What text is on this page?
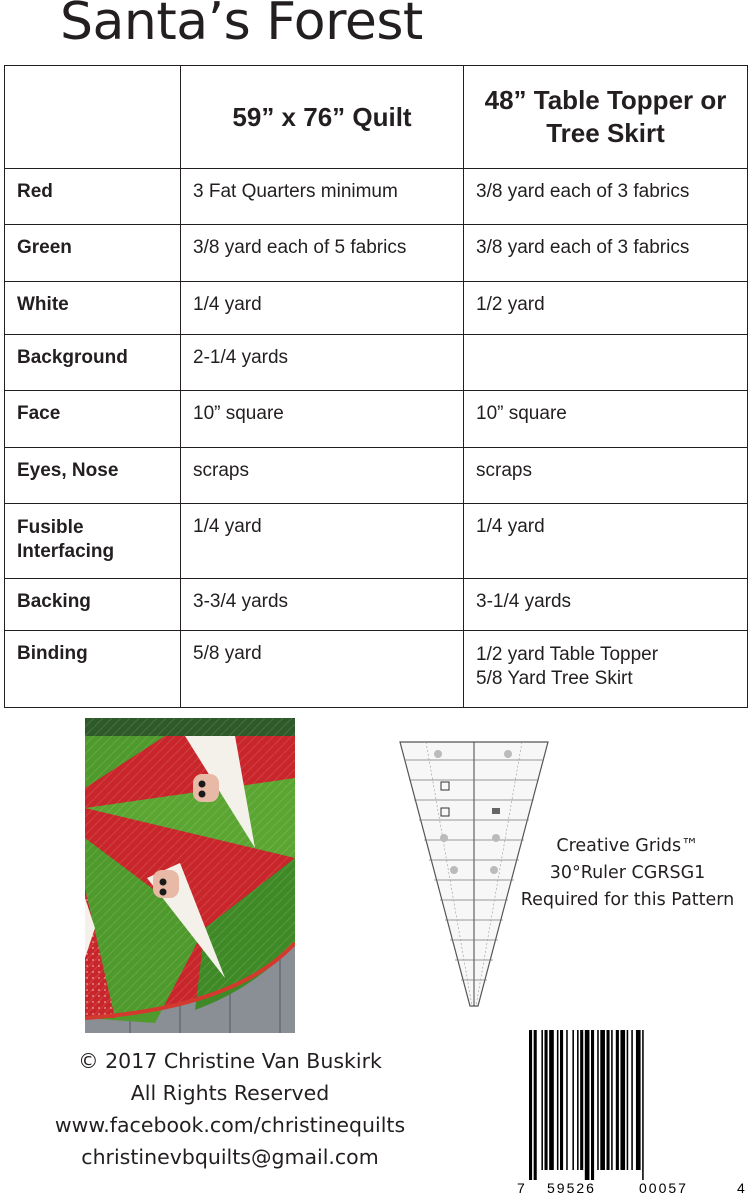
Santa’s Forest
	59” x 76” Quilt	48” Table Topper or Tree Skirt

Red	3 Fat Quarters minimum	3/8 yard each of 3 fabrics

Green	3/8 yard each of 5 fabrics	3/8 yard each of 3 fabrics

White	1/4 yard	1/2 yard

Background	2-1/4 yards	

Face	10” square	10” square

Eyes, Nose	scraps	scraps

Fusible Interfacing	1/4 yard	1/4 yard

Backing	3-3/4 yards	3-1/4 yards

Binding	5/8 yard	1/2 yard Table Topper
5/8 Yard Tree Skirt
Creative Grids™
30°Ruler CGRSG1
Required for this Pattern
© 2017 Christine Van Buskirk
All Rights Reserved
www.facebook.com/christinequilts
christinevbquilts@gmail.com
7 59526	00057	4
